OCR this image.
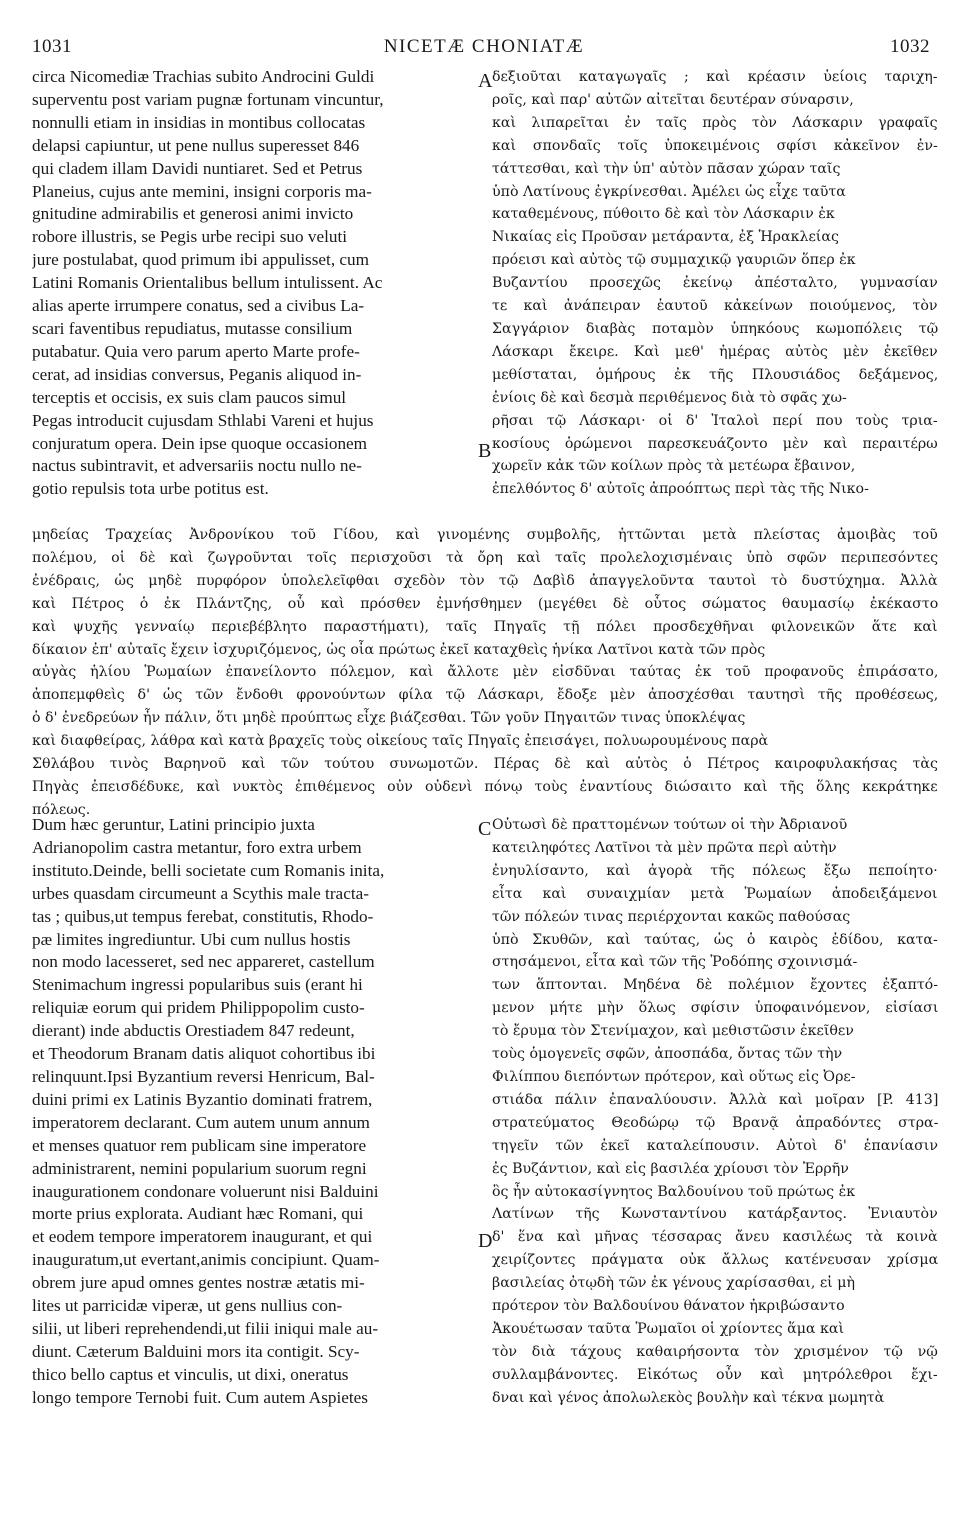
1031	NICETÆ CHONIATÆ	1032
A
B
C
D
circa Nicomediæ Trachias subito Androcini Guldi
superventu post variam pugnæ fortunam vincuntur,
nonnulli etiam in insidias in montibus collocatas
delapsi capiuntur, ut pene nullus superesset 846
qui cladem illam Davidi nuntiaret. Sed et Petrus
Planeius, cujus ante memini, insigni corporis ma-
gnitudine admirabilis et generosi animi invicto
robore illustris, se Pegis urbe recipi suo veluti
jure postulabat, quod primum ibi appulisset, cum
Latini Romanis Orientalibus bellum intulissent. Ac
alias aperte irrumpere conatus, sed a civibus La-
scari faventibus repudiatus, mutasse consilium
putabatur. Quia vero parum aperto Marte profe-
cerat, ad insidias conversus, Peganis aliquod in-
terceptis et occisis, ex suis clam paucos simul
Pegas introducit cujusdam Sthlabi Vareni et hujus
conjuratum opera. Dein ipse quoque occasionem
nactus subintravit, et adversariis noctu nullo ne-
gotio repulsis tota urbe potitus est.
δεξιοῦται καταγωγαῖς ; καὶ κρέασιν ὑείοις ταριχη-
ροῖς, καὶ παρ' αὐτῶν αἰτεῖται δευτέραν σύναρσιν,
καὶ λιπαρεῖται ἐν ταῖς πρὸς τὸν Λάσκαριν γραφαῖς
καὶ σπονδαῖς τοῖς ὑποκειμένοις σφίσι κἀκεῖνον ἐν-
τάττεσθαι, καὶ τὴν ὑπ' αὐτὸν πᾶσαν χώραν ταῖς
ὑπὸ Λατίνους ἐγκρίνεσθαι. Ἀμέλει ὡς εἶχε ταῦτα
καταθεμένους, πύθοιτο δὲ καὶ τὸν Λάσκαριν ἐκ
Νικαίας εἰς Προῦσαν μετάραντα, ἐξ Ἡρακλείας
πρόεισι καὶ αὐτὸς τῷ συμμαχικῷ γαυριῶν ὅπερ ἐκ
Βυζαντίου προσεχῶς ἐκείνῳ ἀπέσταλτο, γυμνασίαν
τε καὶ ἀνάπειραν ἑαυτοῦ κἀκείνων ποιούμενος, τὸν
Σαγγάριον διαβὰς ποταμὸν ὑπηκόους κωμοπόλεις τῷ
Λάσκαρι ἔκειρε. Καὶ μεθ' ἡμέρας αὐτὸς μὲν ἐκεῖθεν
μεθίσταται, ὁμήρους ἐκ τῆς Πλουσιάδος δεξάμενος,
ἐνίοις δὲ καὶ δεσμὰ περιθέμενος διὰ τὸ σφᾶς χω-
ρῆσαι τῷ Λάσκαρι· οἱ δ' Ἰταλοὶ περί που τοὺς τρια-
κοσίους ὁρώμενοι παρεσκευάζοντο μὲν καὶ περαιτέρω
χωρεῖν κἀκ τῶν κοίλων πρὸς τὰ μετέωρα ἔβαινον,
ἐπελθόντος δ' αὐτοῖς ἀπροόπτως περὶ τὰς τῆς Νικο-
μηδείας Τραχείας Ἀνδρονίκου τοῦ Γίδου, καὶ γινομένης συμβολῆς, ἡττῶνται μετὰ πλείστας ἀμοιβὰς τοῦ
πολέμου, οἱ δὲ καὶ ζωγροῦνται τοῖς περισχοῦσι τὰ ὄρη καὶ ταῖς προλελοχισμέναις ὑπὸ σφῶν περιπεσόντες
ἐνέδραις, ὡς μηδὲ πυρφόρον ὑπολελεῖφθαι σχεδὸν τὸν τῷ Δαβὶδ ἀπαγγελοῦντα ταυτοὶ τὸ δυστύχημα. Ἀλλὰ
καὶ Πέτρος ὁ ἐκ Πλάντζης, οὗ καὶ πρόσθεν ἐμνήσθημεν (μεγέθει δὲ οὗτος σώματος θαυμασίῳ ἐκέκαστο
καὶ ψυχῆς γενναίῳ περιεβέβλητο παραστήματι), ταῖς Πηγαῖς τῇ πόλει προσδεχθῆναι φιλονεικῶν ἅτε καὶ
δίκαιον ἐπ' αὐταῖς ἔχειν ἰσχυριζόμενος, ὡς οἷα πρώτως ἐκεῖ καταχθεὶς ἡνίκα Λατῖνοι κατὰ τῶν πρὸς
αὐγὰς ἡλίου Ῥωμαίων ἐπανείλοντο πόλεμον, καὶ ἄλλοτε μὲν εἰσδῦναι ταύτας ἐκ τοῦ προφανοῦς ἐπιράσατο,
ἀποπεμφθεὶς δ' ὡς τῶν ἔνδοθι φρονούντων φίλα τῷ Λάσκαρι, ἔδοξε μὲν ἀποσχέσθαι ταυτησὶ τῆς προθέσεως,
ὁ δ' ἐνεδρεύων ἦν πάλιν, ὅτι μηδὲ προύπτως εἶχε βιάζεσθαι. Τῶν γοῦν Πηγαιτῶν τινας ὑποκλέψας
καὶ διαφθείρας, λάθρα καὶ κατὰ βραχεῖς τοὺς οἰκείους ταῖς Πηγαῖς ἐπεισάγει, πολυωρουμένους παρὰ
Σθλάβου τινὸς Βαρηνοῦ καὶ τῶν τούτου συνωμοτῶν. Πέρας δὲ καὶ αὐτὸς ὁ Πέτρος καιροφυλακήσας τὰς
Πηγὰς ἐπεισδέδυκε, καὶ νυκτὸς ἐπιθέμενος οὐν οὐδενὶ πόνῳ τοὺς ἐναντίους διώσαιτο καὶ τῆς ὅλης κεκράτηκε
πόλεως.
Dum hæc geruntur, Latini principio juxta
Adrianopolim castra metantur, foro extra urbem
instituto.Deinde, belli societate cum Romanis inita,
urbes quasdam circumeunt a Scythis male tracta-
tas ; quibus,ut tempus ferebat, constitutis, Rhodo-
pæ limites ingrediuntur. Ubi cum nullus hostis
non modo lacesseret, sed nec appareret, castellum
Stenimachum ingressi popularibus suis (erant hi
reliquiæ eorum qui pridem Philippopolim custo-
dierant) inde abductis Orestiadem 847 redeunt,
et Theodorum Branam datis aliquot cohortibus ibi
relinquunt.Ipsi Byzantium reversi Henricum, Bal-
duini primi ex Latinis Byzantio dominati fratrem,
imperatorem declarant. Cum autem unum annum
et menses quatuor rem publicam sine imperatore
administrarent, nemini popularium suorum regni
inaugurationem condonare voluerunt nisi Balduini
morte prius explorata. Audiant hæc Romani, qui
et eodem tempore imperatorem inaugurant, et qui
inauguratum,ut evertant,animis concipiunt. Quam-
obrem jure apud omnes gentes nostræ ætatis mi-
lites ut parricidæ viperæ, ut gens nullius con-
silii, ut liberi reprehendendi,ut filii iniqui male au-
diunt. Cæterum Balduini mors ita contigit. Scy-
thico bello captus et vinculis, ut dixi, oneratus
longo tempore Ternobi fuit. Cum autem Aspietes
Οὑτωσὶ δὲ πραττομένων τούτων οἱ τὴν Ἀδριανοῦ
κατειληφότες Λατῖνοι τὰ μὲν πρῶτα περὶ αὐτὴν
ἐνηυλίσαντο, καὶ ἀγορὰ τῆς πόλεως ἔξω πεποίητο·
εἶτα καὶ συναιχμίαν μετὰ Ῥωμαίων ἀποδειξάμενοι
τῶν πόλεών τινας περιέρχονται κακῶς παθούσας
ὑπὸ Σκυθῶν, καὶ ταύτας, ὡς ὁ καιρὸς ἐδίδου, κατα-
στησάμενοι, εἶτα καὶ τῶν τῆς Ῥοδόπης σχοινισμά-
των ἅπτονται. Μηδένα δὲ πολέμιον ἔχοντες ἐξαπτό-
μενον μήτε μὴν ὅλως σφίσιν ὑποφαινόμενον, εἰσίασι
τὸ ἔρυμα τὸν Στενίμαχον, καὶ μεθιστῶσιν ἐκεῖθεν
τοὺς ὁμογενεῖς σφῶν, ἀποσπάδα, ὄντας τῶν τὴν
Φιλίππου διεπόντων πρότερον, καὶ οὕτως εἰς Ὀρε-
στιάδα πάλιν ἐπαναλύουσιν. Ἀλλὰ καὶ μοῖραν [P. 413]
στρατεύματος Θεοδώρῳ τῷ Βρανᾷ ἀπραδόντες στρα-
τηγεῖν τῶν ἐκεῖ καταλείπουσιν. Αὐτοὶ δ' ἐπανίασιν
ἐς Βυζάντιον, καὶ εἰς βασιλέα χρίουσι τὸν Ἐρρῆν
ὃς ἦν αὐτοκασίγνητος Βαλδουίνου τοῦ πρώτως ἐκ
Λατίνων τῆς Κωνσταντίνου κατάρξαντος. Ἐνιαυτὸν
δ' ἕνα καὶ μῆνας τέσσαρας ἄνευ κασιλέως τὰ κοινὰ
χειρίζοντες πράγματα οὐκ ἄλλως κατένευσαν χρίσμα
βασιλείας ὀτῳδὴ τῶν ἐκ γένους χαρίσασθαι, εἰ μὴ
πρότερον τὸν Βαλδουίνου θάνατον ἠκριβώσαντο
Ἀκουέτωσαν ταῦτα Ῥωμαῖοι οἱ χρίοντες ἅμα καὶ
τὸν διὰ τάχους καθαιρήσοντα τὸν χρισμένον τῷ νῷ
συλλαμβάνοντες. Εἰκότως οὖν καὶ μητρόλεθροι ἔχι-
δναι καὶ γένος ἀπολωλεκὸς βουλὴν καὶ τέκνα μωμητὰ
